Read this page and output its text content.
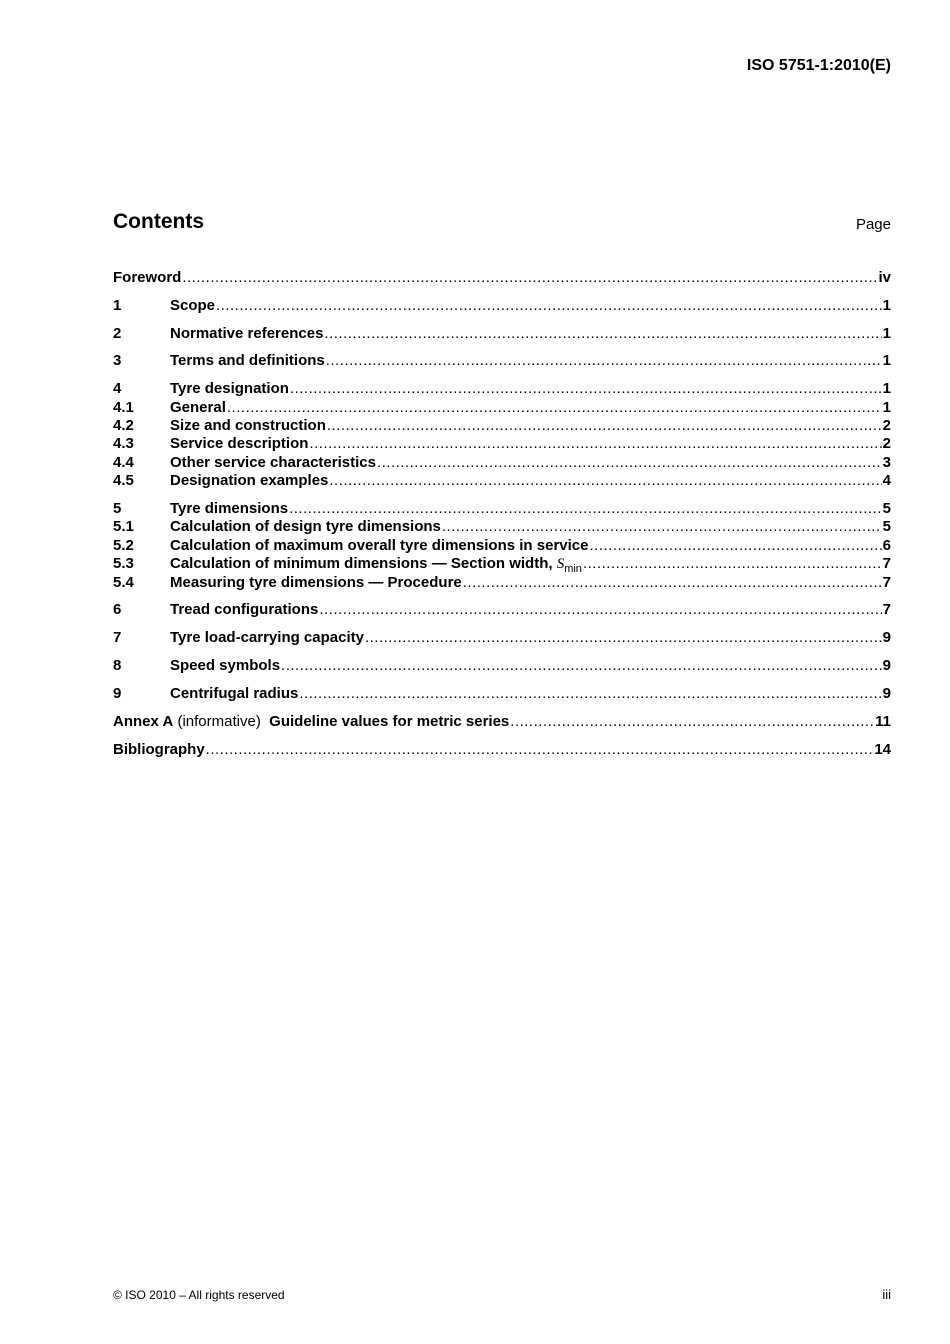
ISO 5751-1:2010(E)
Contents	Page
Foreword .....	iv
1	Scope .....	1
2	Normative references .....	1
3	Terms and definitions .....	1
4	Tyre designation .....	1
4.1	General .....	1
4.2	Size and construction .....	2
4.3	Service description .....	2
4.4	Other service characteristics .....	3
4.5	Designation examples .....	4
5	Tyre dimensions .....	5
5.1	Calculation of design tyre dimensions .....	5
5.2	Calculation of maximum overall tyre dimensions in service .....	6
5.3	Calculation of minimum dimensions — Section width, $S_{min}$ .....	7
5.4	Measuring tyre dimensions — Procedure .....	7
6	Tread configurations .....	7
7	Tyre load-carrying capacity .....	9
8	Speed symbols .....	9
9	Centrifugal radius .....	9
Annex A (informative)  Guideline values for metric series .....	11
Bibliography .....	14
© ISO 2010 – All rights reserved	iii
